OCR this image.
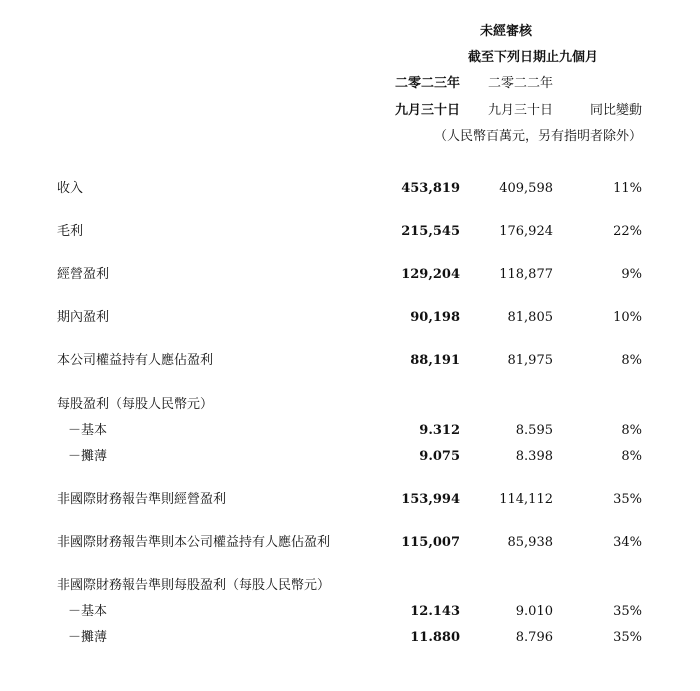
未經審核
截至下列日期止九個月
二零二三年 二零二二年
九月三十日 九月三十日	同比變動
（人民幣百萬元，另有指明者除外）
收入	453,819	409,598	11%
毛利	215,545	176,924	22%
經營盈利	129,204	118,877	9%
期內盈利	90,198	81,805	10%
本公司權益持有人應佔盈利	88,191	81,975	8%
每股盈利（每股人民幣元）
－基本	9.312	8.595	8%
－攤薄	9.075	8.398	8%
非國際財務報告準則經營盈利	153,994	114,112	35%
非國際財務報告準則本公司權益持有人應佔盈利	115,007	85,938	34%
非國際財務報告準則每股盈利（每股人民幣元）
－基本	12.143	9.010	35%
－攤薄	11.880	8.796	35%
